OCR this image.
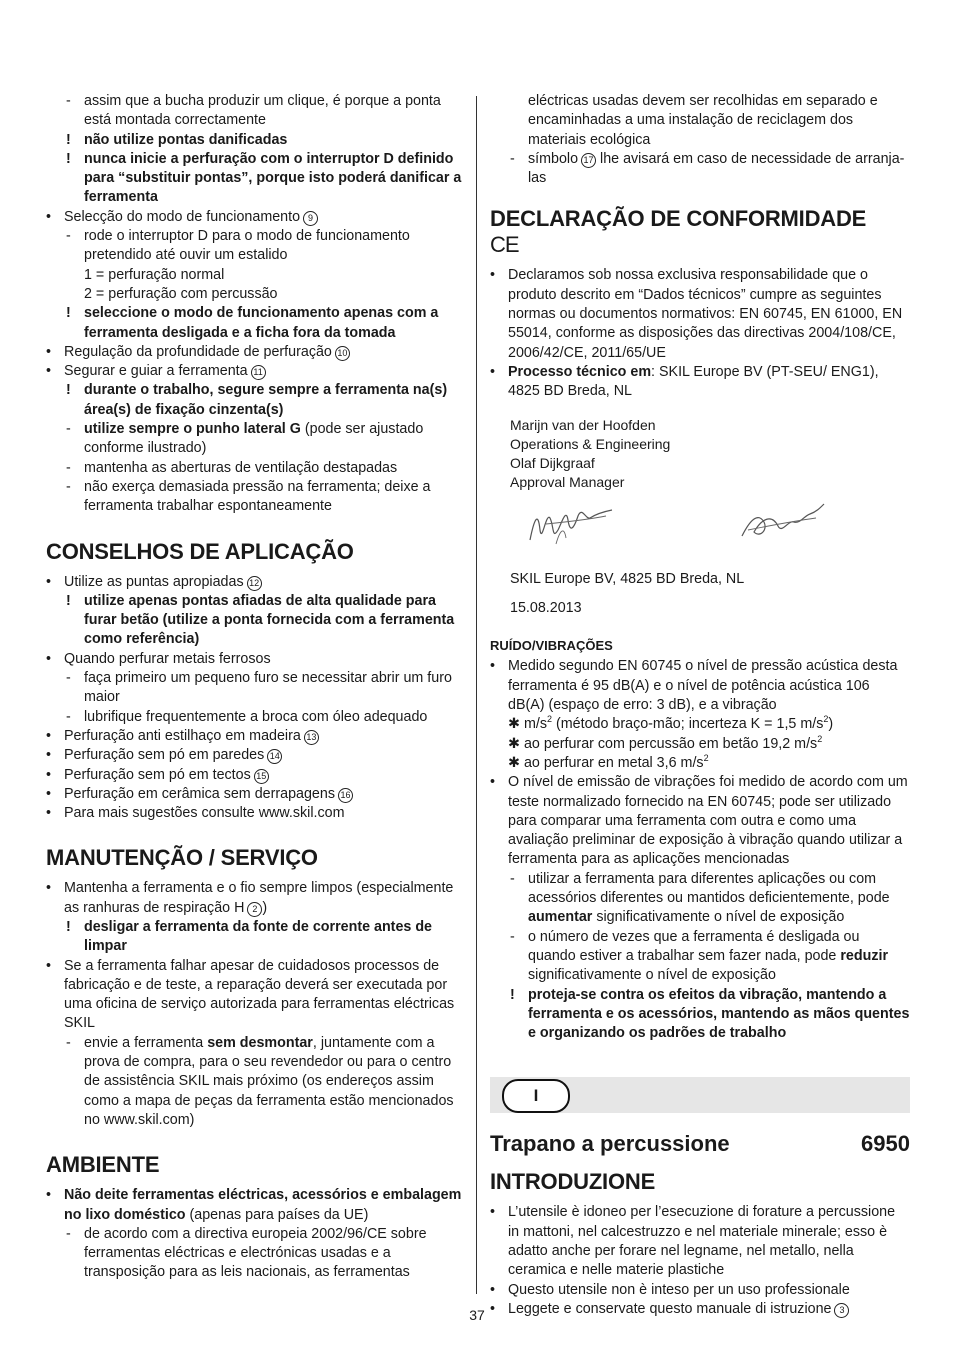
- assim que a bucha produzir um clique, é porque a ponta está montada correctamente
! não utilize pontas danificadas
! nunca inicie a perfuração com o interruptor D definido para “substituir pontas”, porque isto poderá danificar a ferramenta
• Selecção do modo de funcionamento 9
- rode o interruptor D para o modo de funcionamento pretendido até ouvir um estalido
1 = perfuração normal
2 = perfuração com percussão
! seleccione o modo de funcionamento apenas com a ferramenta desligada e a ficha fora da tomada
• Regulação da profundidade de perfuração 10
• Segurar e guiar a ferramenta 11
! durante o trabalho, segure sempre a ferramenta na(s) área(s) de fixação cinzenta(s)
- utilize sempre o punho lateral G (pode ser ajustado conforme ilustrado)
- mantenha as aberturas de ventilação destapadas
- não exerça demasiada pressão na ferramenta; deixe a ferramenta trabalhar espontaneamente
CONSELHOS DE APLICAÇÃO
• Utilize as puntas apropiadas 12
! utilize apenas pontas afiadas de alta qualidade para furar betão (utilize a ponta fornecida com a ferramenta como referência)
• Quando perfurar metais ferrosos
- faça primeiro um pequeno furo se necessitar abrir um furo maior
- lubrifique frequentemente a broca com óleo adequado
• Perfuração anti estilhaço em madeira 13
• Perfuração sem pó em paredes 14
• Perfuração sem pó em tectos 15
• Perfuração em cerâmica sem derrapagens 16
• Para mais sugestões consulte www.skil.com
MANUTENÇÃO / SERVIÇO
• Mantenha a ferramenta e o fio sempre limpos (especialmente as ranhuras de respiração H 2 )
! desligar a ferramenta da fonte de corrente antes de limpar
• Se a ferramenta falhar apesar de cuidadosos processos de fabricação e de teste, a reparação deverá ser executada por uma oficina de serviço autorizada para ferramentas eléctricas SKIL
- envie a ferramenta sem desmontar, juntamente com a prova de compra, para o seu revendedor ou para o centro de assistência SKIL mais próximo (os endereços assim como a mapa de peças da ferramenta estão mencionados no www.skil.com)
AMBIENTE
• Não deite ferramentas eléctricas, acessórios e embalagem no lixo doméstico (apenas para países da UE)
- de acordo com a directiva europeia 2002/96/CE sobre ferramentas eléctricas e electrónicas usadas e a transposição para as leis nacionais, as ferramentas
eléctricas usadas devem ser recolhidas em separado e encaminhadas a uma instalação de reciclagem dos materiais ecológica
- símbolo 17 lhe avisará em caso de necessidade de arranja-las
DECLARAÇÃO DE CONFORMIDADE
CE
• Declaramos sob nossa exclusiva responsabilidade que o produto descrito em “Dados técnicos” cumpre as seguintes normas ou documentos normativos: EN 60745, EN 61000, EN 55014, conforme as disposições das directivas 2004/108/CE, 2006/42/CE, 2011/65/UE
• Processo técnico em: SKIL Europe BV (PT-SEU/ ENG1), 4825 BD Breda, NL
Marijn van der Hoofden
Operations & Engineering
Olaf Dijkgraaf
Approval Manager
SKIL Europe BV, 4825 BD Breda, NL
15.08.2013
RUÍDO/VIBRAÇÕES
• Medido segundo EN 60745 o nível de pressão acústica desta ferramenta é 95 dB(A) e o nível de potência acústica 106 dB(A) (espaço de erro: 3 dB), e a vibração
✱ $m/s^2$ (método braço-mão; incerteza K = 1,5 $m/s^2$)
✱ ao perfurar com percussão em betão 19,2 $m/s^2$
✱ ao perfurar en metal 3,6 $m/s^2$
• O nível de emissão de vibrações foi medido de acordo com um teste normalizado fornecido na EN 60745; pode ser utilizado para comparar uma ferramenta com outra e como uma avaliação preliminar de exposição à vibração quando utilizar a ferramenta para as aplicações mencionadas
- utilizar a ferramenta para diferentes aplicações ou com acessórios diferentes ou mantidos deficientemente, pode aumentar significativamente o nível de exposição
- o número de vezes que a ferramenta é desligada ou quando estiver a trabalhar sem fazer nada, pode reduzir significativamente o nível de exposição
! proteja-se contra os efeitos da vibração, mantendo a ferramenta e os acessórios, mantendo as mãos quentes e organizando os padrões de trabalho
I
Trapano a percussione	6950
INTRODUZIONE
• L’utensile è idoneo per l’esecuzione di forature a percussione in mattoni, nel calcestruzzo e nel materiale minerale; esso è adatto anche per forare nel legname, nel metallo, nella ceramica e nelle materie plastiche
• Questo utensile non è inteso per un uso professionale
• Leggete e conservate questo manuale di istruzione 3
37
